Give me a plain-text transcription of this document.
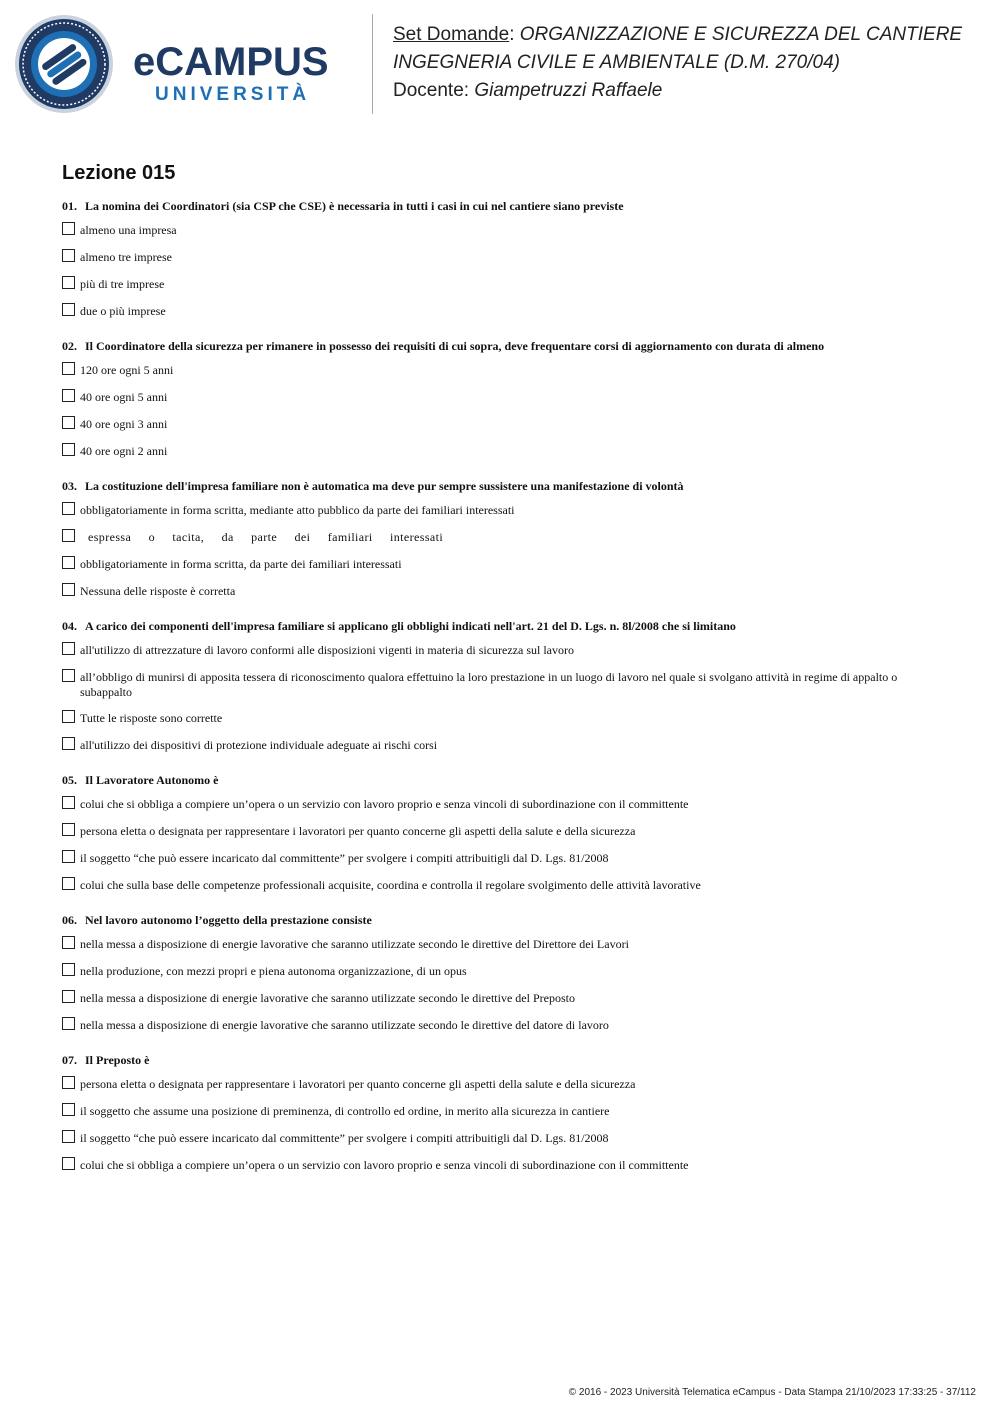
eCAMPUS
UNIVERSITÀ
Set Domande: ORGANIZZAZIONE E SICUREZZA DEL CANTIERE
INGEGNERIA CIVILE E AMBIENTALE (D.M. 270/04)
Docente: Giampetruzzi Raffaele
Lezione 015
01. La nomina dei Coordinatori (sia CSP che CSE) è necessaria in tutti i casi in cui nel cantiere siano previste
almeno una impresa
almeno tre imprese
più di tre imprese
due o più imprese
02. Il Coordinatore della sicurezza per rimanere in possesso dei requisiti di cui sopra, deve frequentare corsi di aggiornamento con durata di almeno
120 ore ogni 5 anni
40 ore ogni 5 anni
40 ore ogni 3 anni
40 ore ogni 2 anni
03. La costituzione dell'impresa familiare non è automatica ma deve pur sempre sussistere una manifestazione di volontà
obbligatoriamente in forma scritta, mediante atto pubblico da parte dei familiari interessati
espressa o tacita, da parte dei familiari interessati
obbligatoriamente in forma scritta, da parte dei familiari interessati
Nessuna delle risposte è corretta
04. A carico dei componenti dell'impresa familiare si applicano gli obblighi indicati nell'art. 21 del D. Lgs. n. 8l/2008 che si limitano
all'utilizzo di attrezzature di lavoro conformi alle disposizioni vigenti in materia di sicurezza sul lavoro
all’obbligo di munirsi di apposita tessera di riconoscimento qualora effettuino la loro prestazione in un luogo di lavoro nel quale si svolgano attività in regime di appalto o subappalto
Tutte le risposte sono corrette
all'utilizzo dei dispositivi di protezione individuale adeguate ai rischi corsi
05. Il Lavoratore Autonomo è
colui che si obbliga a compiere un’opera o un servizio con lavoro proprio e senza vincoli di subordinazione con il committente
persona eletta o designata per rappresentare i lavoratori per quanto concerne gli aspetti della salute e della sicurezza
il soggetto “che può essere incaricato dal committente” per svolgere i compiti attribuitigli dal D. Lgs. 81/2008
colui che sulla base delle competenze professionali acquisite, coordina e controlla il regolare svolgimento delle attività lavorative
06. Nel lavoro autonomo l’oggetto della prestazione consiste
nella messa a disposizione di energie lavorative che saranno utilizzate secondo le direttive del Direttore dei Lavori
nella produzione, con mezzi propri e piena autonoma organizzazione, di un opus
nella messa a disposizione di energie lavorative che saranno utilizzate secondo le direttive del Preposto
nella messa a disposizione di energie lavorative che saranno utilizzate secondo le direttive del datore di lavoro
07. Il Preposto è
persona eletta o designata per rappresentare i lavoratori per quanto concerne gli aspetti della salute e della sicurezza
il soggetto che assume una posizione di preminenza, di controllo ed ordine, in merito alla sicurezza in cantiere
il soggetto “che può essere incaricato dal committente” per svolgere i compiti attribuitigli dal D. Lgs. 81/2008
colui che si obbliga a compiere un’opera o un servizio con lavoro proprio e senza vincoli di subordinazione con il committente
© 2016 - 2023 Università Telematica eCampus - Data Stampa 21/10/2023 17:33:25 - 37/112
